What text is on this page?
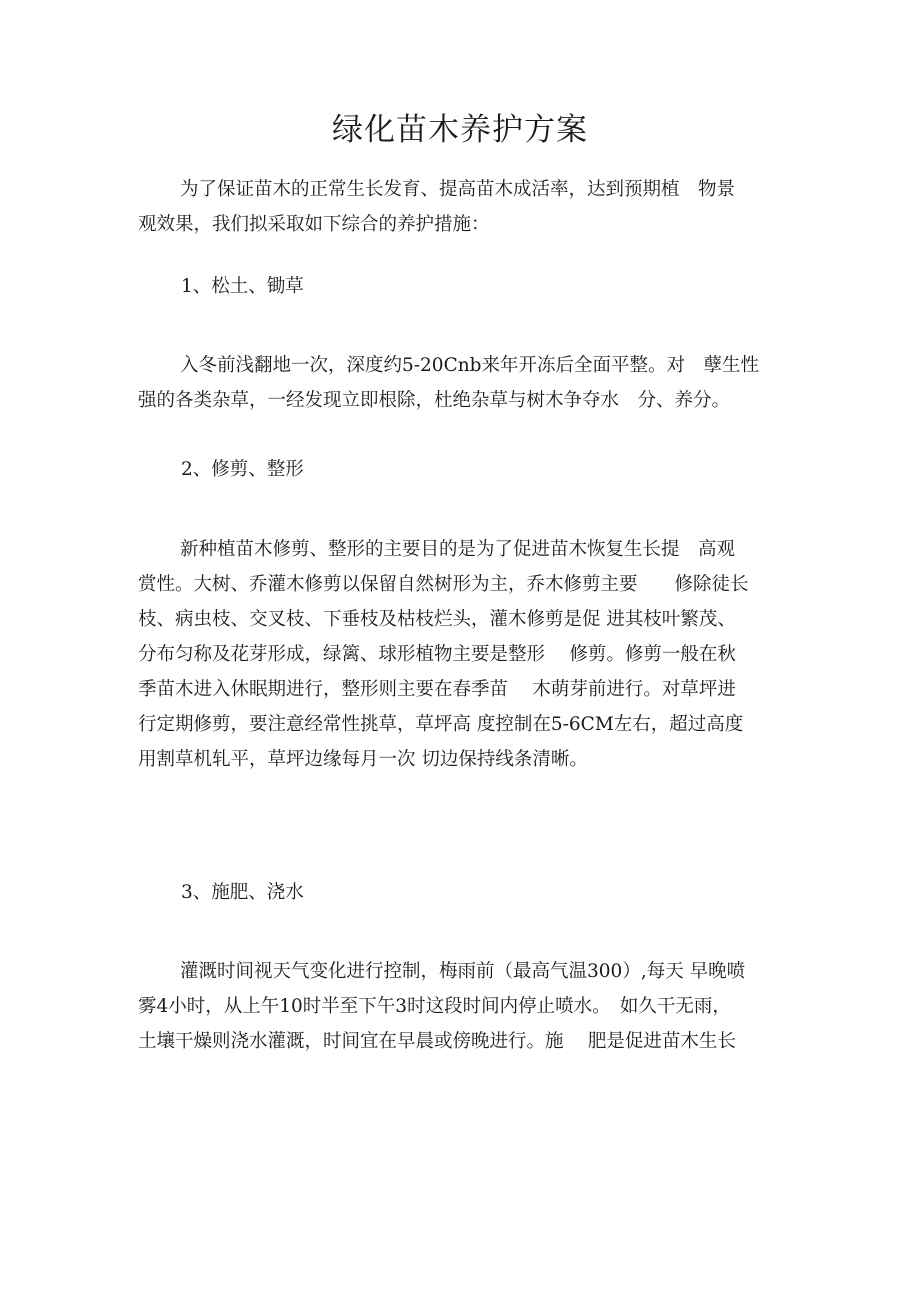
绿化苗木养护方案
为了保证苗木的正常生长发育、提高苗木成活率，达到预期植　物景
观效果，我们拟采取如下综合的养护措施：
1、松土、锄草
入冬前浅翻地一次，深度约5-20Cnb来年开冻后全面平整。对　孽生性
强的各类杂草，一经发现立即根除，杜绝杂草与树木争夺水　分、养分。
2、修剪、整形
新种植苗木修剪、整形的主要目的是为了促进苗木恢复生长提　高观
赏性。大树、乔灌木修剪以保留自然树形为主，乔木修剪主要　　修除徒长
枝、病虫枝、交叉枝、下垂枝及枯枝烂头，灌木修剪是促 进其枝叶繁茂、
分布匀称及花芽形成，绿篱、球形植物主要是整形　 修剪。修剪一般在秋
季苗木进入休眠期进行，整形则主要在春季苗　 木萌芽前进行。对草坪进
行定期修剪，要注意经常性挑草，草坪高 度控制在5-6CM左右，超过高度
用割草机轧平，草坪边缘每月一次 切边保持线条清晰。
3、施肥、浇水
灌溉时间视天气变化进行控制，梅雨前（最高气温300）,每天 早晚喷
雾4小时，从上午10时半至下午3时这段时间内停止喷水。　如久干无雨，
土壤干燥则浇水灌溉，时间宜在早晨或傍晚进行。施　 肥是促进苗木生长
